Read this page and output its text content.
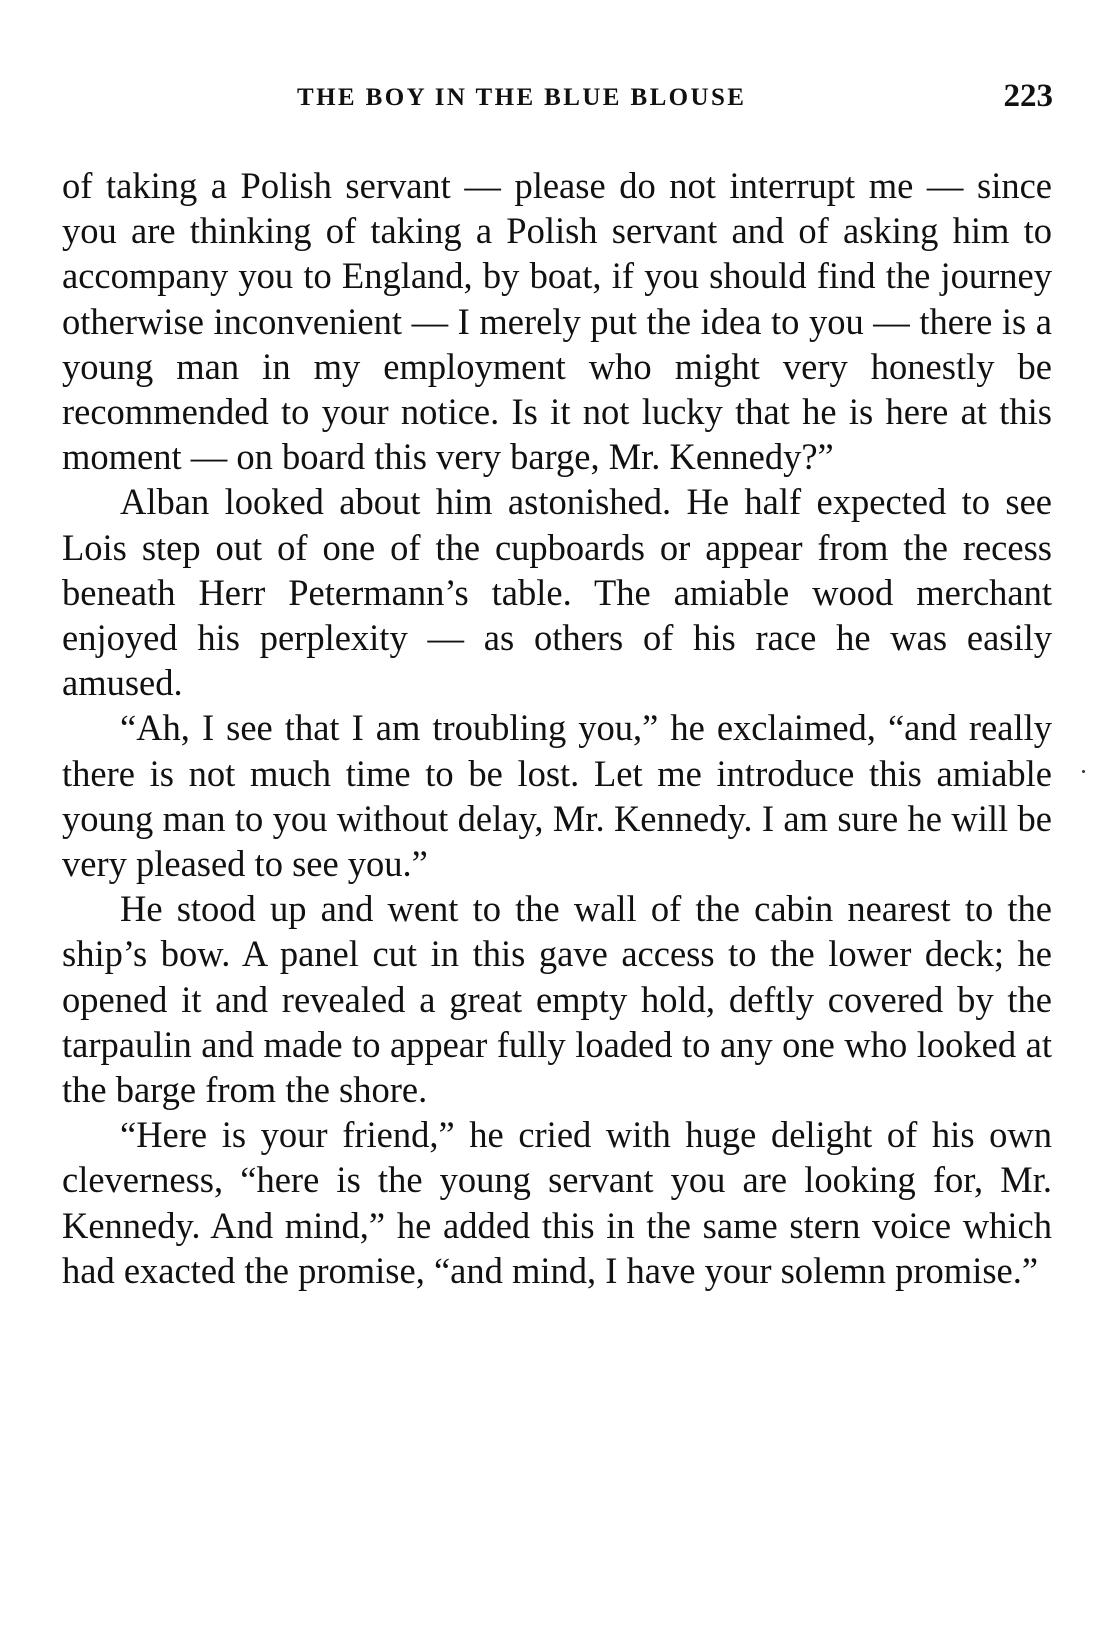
THE BOY IN THE BLUE BLOUSE	223

of taking a Polish servant — please do not interrupt me — since you are thinking of taking a Polish servant and of asking him to accompany you to England, by boat, if you should find the journey otherwise inconvenient — I merely put the idea to you — there is a young man in my employment who might very honestly be recommended to your notice. Is it not lucky that he is here at this moment — on board this very barge, Mr. Kennedy?”

Alban looked about him astonished. He half expected to see Lois step out of one of the cupboards or appear from the recess beneath Herr Petermann’s table. The amiable wood merchant enjoyed his perplexity — as others of his race he was easily amused.

“Ah, I see that I am troubling you,” he exclaimed, “and really there is not much time to be lost. Let me introduce this amiable young man to you without delay, Mr. Kennedy. I am sure he will be very pleased to see you.”

He stood up and went to the wall of the cabin nearest to the ship’s bow. A panel cut in this gave access to the lower deck; he opened it and revealed a great empty hold, deftly covered by the tarpaulin and made to appear fully loaded to any one who looked at the barge from the shore.

“Here is your friend,” he cried with huge delight of his own cleverness, “here is the young servant you are looking for, Mr. Kennedy. And mind,” he added this in the same stern voice which had exacted the promise, “and mind, I have your solemn promise.”
